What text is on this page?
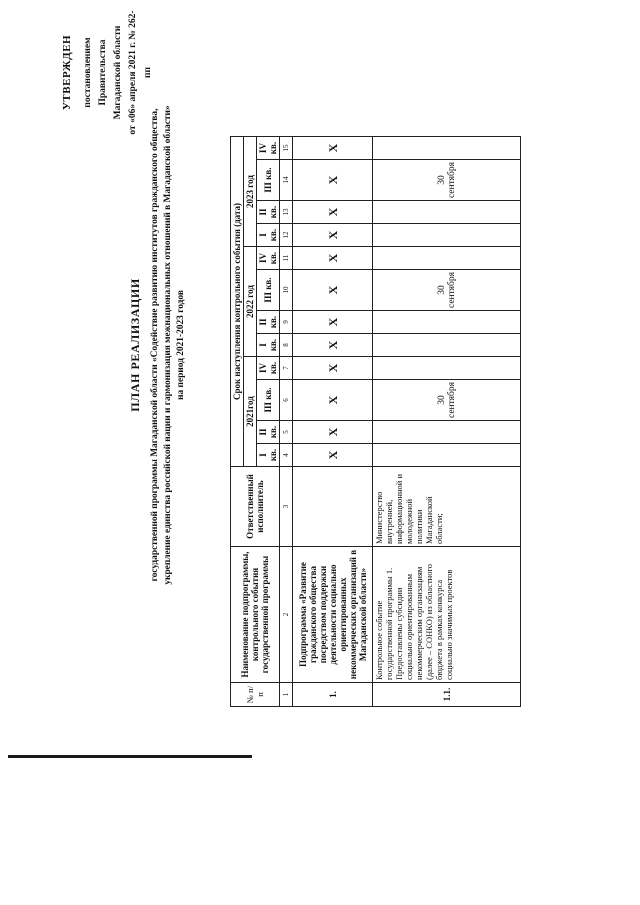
УТВЕРЖДЕН постановлением Правительства Магаданской области от «06» апреля 2021 г. № 262-пп
ПЛАН РЕАЛИЗАЦИИ государственной программы Магаданской области «Содействие развитию институтов гражданского общества, укрепление единства российской нации и гармонизация межнациональных отношений в Магаданской области» на период 2021-2023 годов
№ п/п	Наименование подпрограммы, контрольного события государственной программы	Ответственный исполнитель	Срок наступления контрольного события (дата)											
			2021год				2022 год				2023 год			
			I кв.	II кв.	III кв.	IV кв.	I кв.	II кв.	III кв.	IV кв.	I кв.	II кв.	III кв.	IV кв.
1	2	3	4	5	6	7	8	9	10	11	12	13	14	15
1.	Подпрограмма «Развитие гражданского общества посредством поддержки деятельности социально ориентированных некоммерческих организаций в Магаданской области»		X	X	X	X	X	X	X	X	X	X	X	X
1.1.	Контрольное событие государственной программы 1. Предоставлены субсидии социально ориентированным некоммерческим организациям (далее – СОНКО) из областного бюджета в рамках конкурса социально значимых проектов	Министерство внутренней, информационной и молодежной политики Магаданской области;			30 сентября				30 сентября				30 сентября	
